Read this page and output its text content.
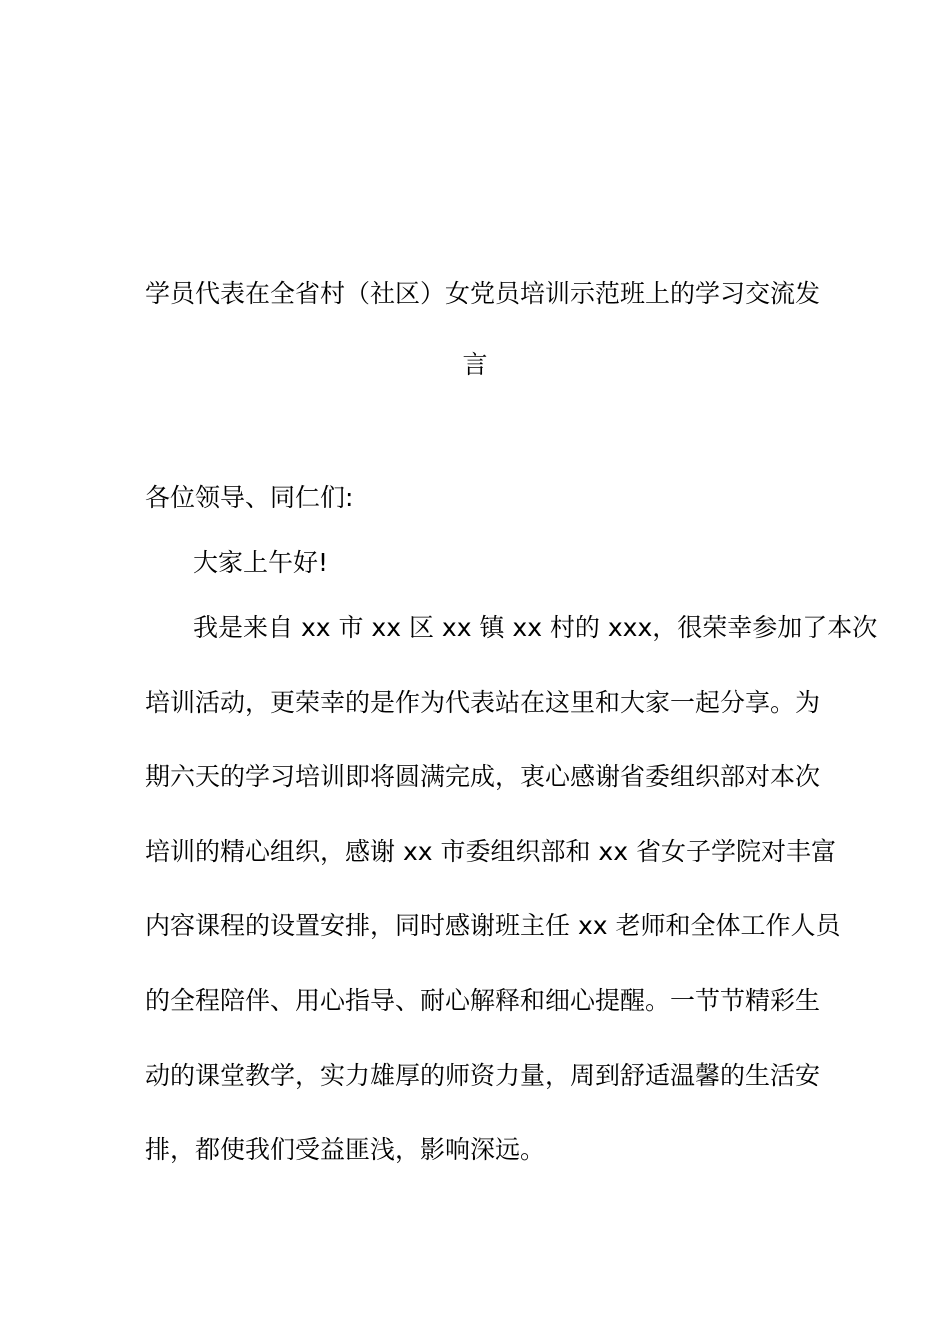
学员代表在全省村（社区）女党员培训示范班上的学习交流发
言

各位领导、同仁们:

大家上午好!

我是来自 xx 市 xx 区 xx 镇 xx 村的 xxx，很荣幸参加了本次
培训活动，更荣幸的是作为代表站在这里和大家一起分享。为
期六天的学习培训即将圆满完成，衷心感谢省委组织部对本次
培训的精心组织，感谢 xx 市委组织部和 xx 省女子学院对丰富
内容课程的设置安排，同时感谢班主任 xx 老师和全体工作人员
的全程陪伴、用心指导、耐心解释和细心提醒。一节节精彩生
动的课堂教学，实力雄厚的师资力量，周到舒适温馨的生活安
排，都使我们受益匪浅，影响深远。
